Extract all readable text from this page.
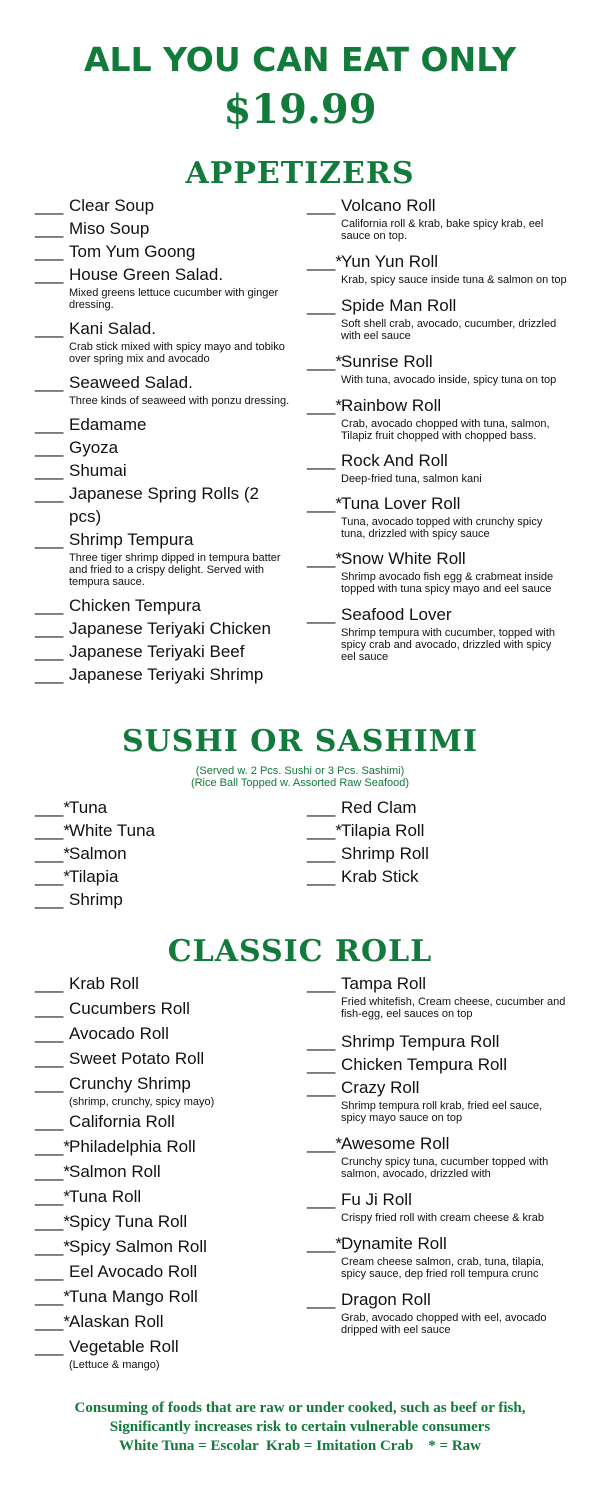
ALL YOU CAN EAT ONLY
$19.99
APPETIZERS
___ Clear Soup
___ Miso Soup
___ Tom Yum Goong
___ House Green Salad.
Mixed greens lettuce cucumber with ginger dressing.
___ Kani Salad.
Crab stick mixed with spicy mayo and tobiko over spring mix and avocado
___ Seaweed Salad.
Three kinds of seaweed with ponzu dressing.
___ Edamame
___ Gyoza
___ Shumai
___ Japanese Spring Rolls (2 pcs)
___ Shrimp Tempura
Three tiger shrimp dipped in tempura batter and fried to a crispy delight. Served with tempura sauce.
___ Chicken Tempura
___ Japanese Teriyaki Chicken
___ Japanese Teriyaki Beef
___ Japanese Teriyaki Shrimp
___ Volcano Roll
California roll & krab, bake spicy krab, eel sauce on top.
___* Yun Yun Roll
Krab, spicy sauce inside tuna & salmon on top
___ Spide Man Roll
Soft shell crab, avocado, cucumber, drizzled with eel sauce
___* Sunrise Roll
With tuna, avocado inside, spicy tuna on top
___* Rainbow Roll
Crab, avocado chopped with tuna, salmon, Tilapiz fruit chopped with chopped bass.
___ Rock And Roll
Deep-fried tuna, salmon kani
___* Tuna Lover Roll
Tuna, avocado topped with crunchy spicy tuna, drizzled with spicy sauce
___* Snow White Roll
Shrimp avocado fish egg & crabmeat inside topped with tuna spicy mayo and eel sauce
___ Seafood Lover
Shrimp tempura with cucumber, topped with spicy crab and avocado, drizzled with spicy eel sauce
SUSHI OR SASHIMI
(Served w. 2 Pcs. Sushi or 3 Pcs. Sashimi)
(Rice Ball Topped w. Assorted Raw Seafood)
___* Tuna
___* White Tuna
___* Salmon
___* Tilapia
___ Shrimp
___ Red Clam
___* Tilapia Roll
___ Shrimp Roll
___ Krab Stick
CLASSIC ROLL
___ Krab Roll
___ Cucumbers Roll
___ Avocado Roll
___ Sweet Potato Roll
___ Crunchy Shrimp
(shrimp, crunchy, spicy mayo)
___ California Roll
___* Philadelphia Roll
___* Salmon Roll
___* Tuna Roll
___* Spicy Tuna Roll
___* Spicy Salmon Roll
___ Eel Avocado Roll
___* Tuna Mango Roll
___* Alaskan Roll
___ Vegetable Roll
(Lettuce & mango)
___ Tampa Roll
Fried whitefish, Cream cheese, cucumber and fish-egg, eel sauces on top
___ Shrimp Tempura Roll
___ Chicken Tempura Roll
___ Crazy Roll
Shrimp tempura roll krab, fried eel sauce, spicy mayo sauce on top
___* Awesome Roll
Crunchy spicy tuna, cucumber topped with salmon, avocado, drizzled with
___ Fu Ji Roll
Crispy fried roll with cream cheese & krab
___* Dynamite Roll
Cream cheese salmon, crab, tuna, tilapia, spicy sauce, dep fried roll tempura crunc
___ Dragon Roll
Grab, avocado chopped with eel, avocado dripped with eel sauce
Consuming of foods that are raw or under cooked, such as beef or fish,
Significantly increases risk to certain vulnerable consumers
White Tuna = Escolar  Krab = Imitation Crab    * = Raw
